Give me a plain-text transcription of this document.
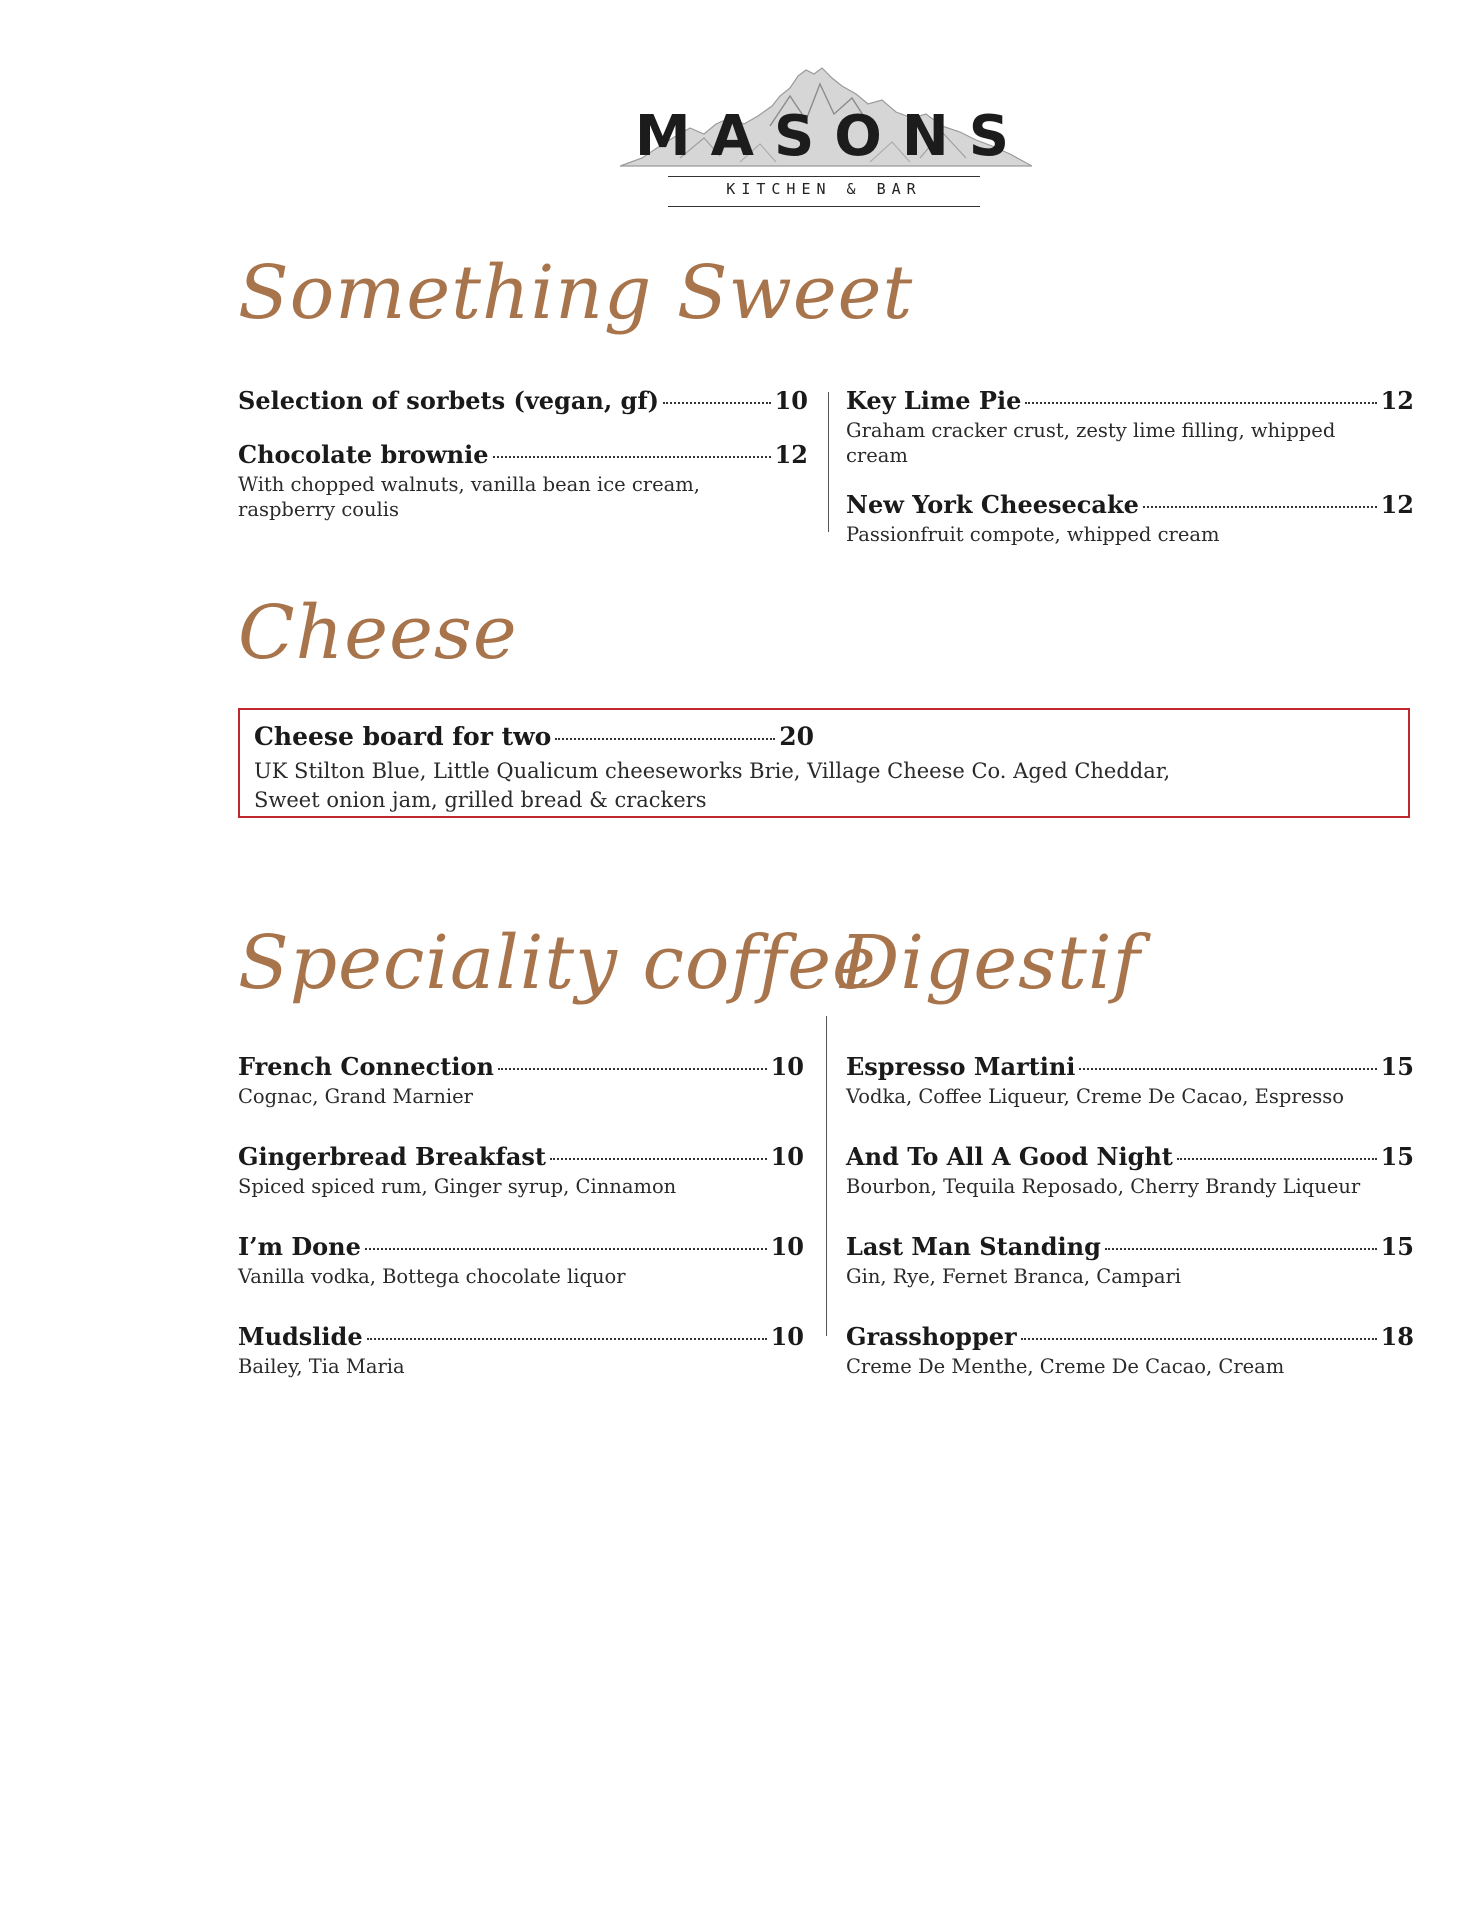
MASONS
KITCHEN & BAR
Something Sweet
Selection of sorbets (vegan, gf)	10
Chocolate brownie	12
With chopped walnuts, vanilla bean ice cream, raspberry coulis
Key Lime Pie	12
Graham cracker crust, zesty lime filling, whipped cream
New York Cheesecake	12
Passionfruit compote, whipped cream
Cheese
Cheese board for two	20
UK Stilton Blue, Little Qualicum cheeseworks Brie, Village Cheese Co. Aged Cheddar,
Sweet onion jam, grilled bread & crackers
Speciality coffee
French Connection	10
Cognac, Grand Marnier
Gingerbread Breakfast	10
Spiced spiced rum, Ginger syrup, Cinnamon
I’m Done	10
Vanilla vodka, Bottega chocolate liquor
Mudslide	10
Bailey, Tia Maria
Digestif
Espresso Martini	15
Vodka, Coffee Liqueur, Creme De Cacao, Espresso
And To All A Good Night	15
Bourbon, Tequila Reposado, Cherry Brandy Liqueur
Last Man Standing	15
Gin, Rye, Fernet Branca, Campari
Grasshopper	18
Creme De Menthe, Creme De Cacao, Cream
